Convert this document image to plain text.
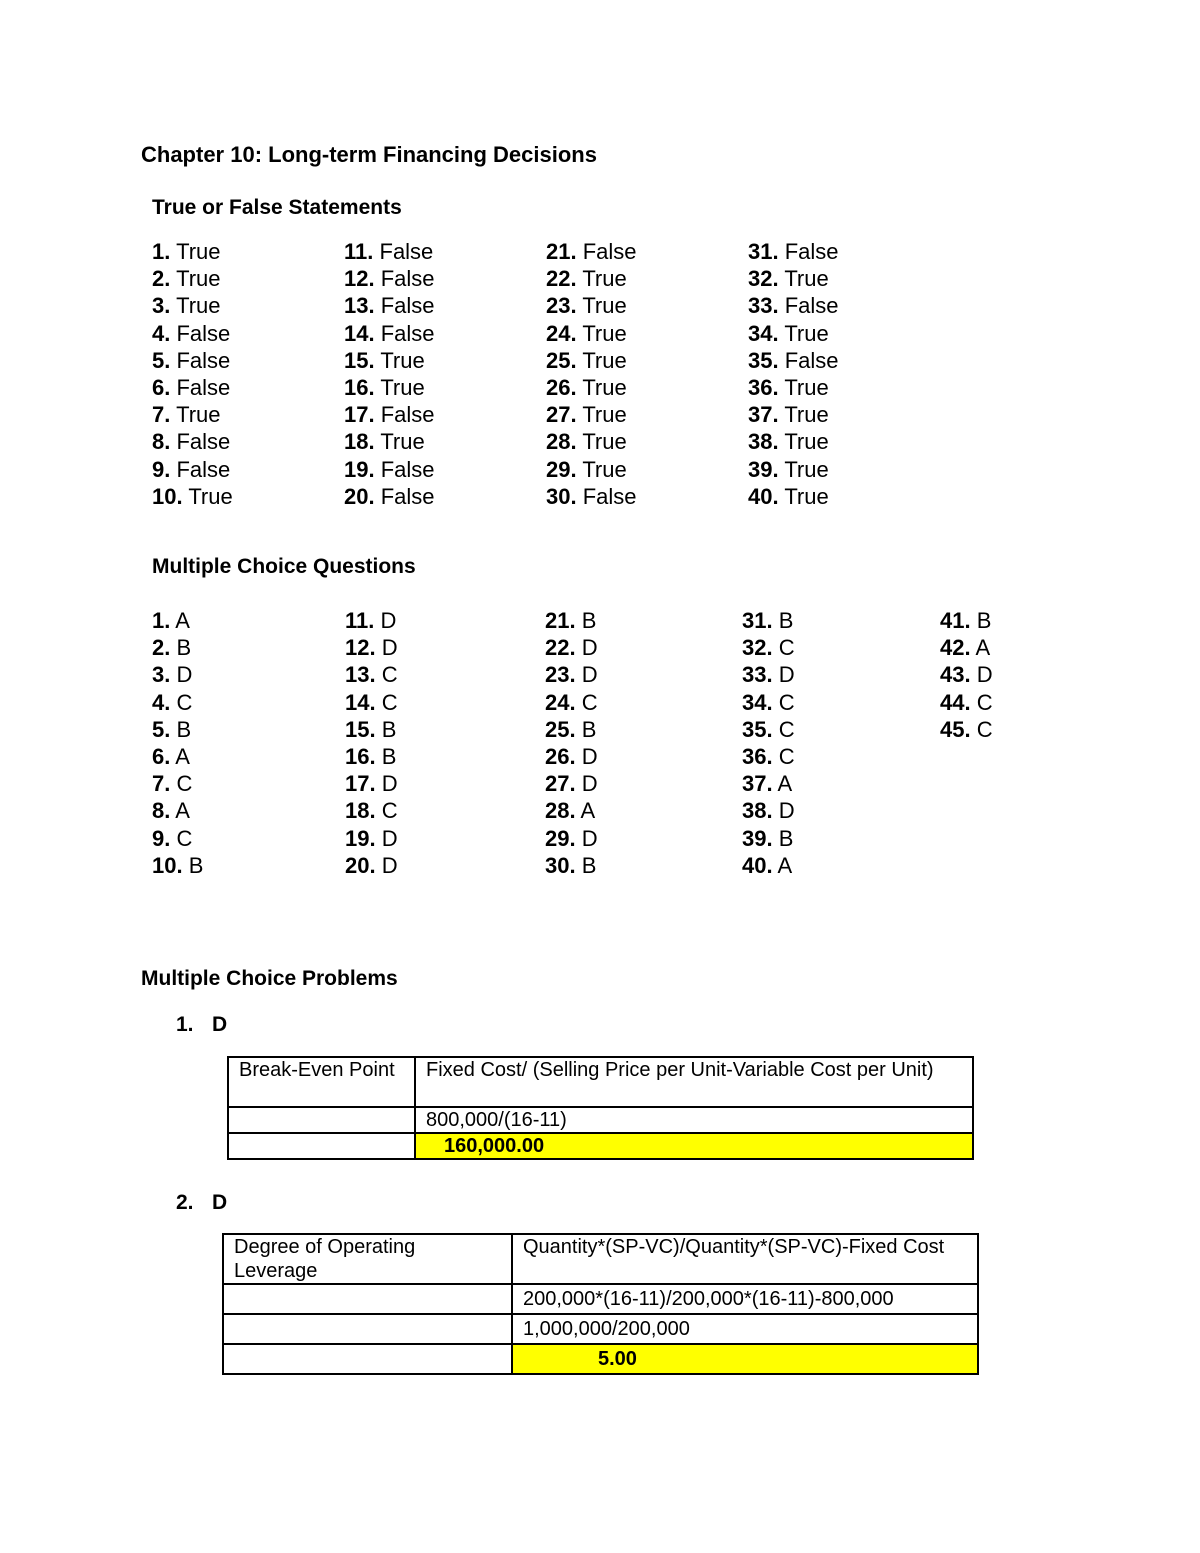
Chapter 10: Long-term Financing Decisions
True or False Statements
1. True
2. True
3. True
4. False
5. False
6. False
7. True
8. False
9. False
10. True
11. False
12. False
13. False
14. False
15. True
16. True
17. False
18. True
19. False
20. False
21. False
22. True
23. True
24. True
25. True
26. True
27. True
28. True
29. True
30. False
31. False
32. True
33. False
34. True
35. False
36. True
37. True
38. True
39. True
40. True
Multiple Choice Questions
1. A
2. B
3. D
4. C
5. B
6. A
7. C
8. A
9. C
10. B
11. D
12. D
13. C
14. C
15. B
16. B
17. D
18. C
19. D
20. D
21. B
22. D
23. D
24. C
25. B
26. D
27. D
28. A
29. D
30. B
31. B
32. C
33. D
34. C
35. C
36. C
37. A
38. D
39. B
40. A
41. B
42. A
43. D
44. C
45. C
Multiple Choice Problems
1. D
Break-Even Point	Fixed Cost/ (Selling Price per Unit-Variable Cost per Unit)
	800,000/(16-11)
	160,000.00
2. D
Degree of Operating Leverage	Quantity*(SP-VC)/Quantity*(SP-VC)-Fixed Cost
	200,000*(16-11)/200,000*(16-11)-800,000
	1,000,000/200,000
	5.00
